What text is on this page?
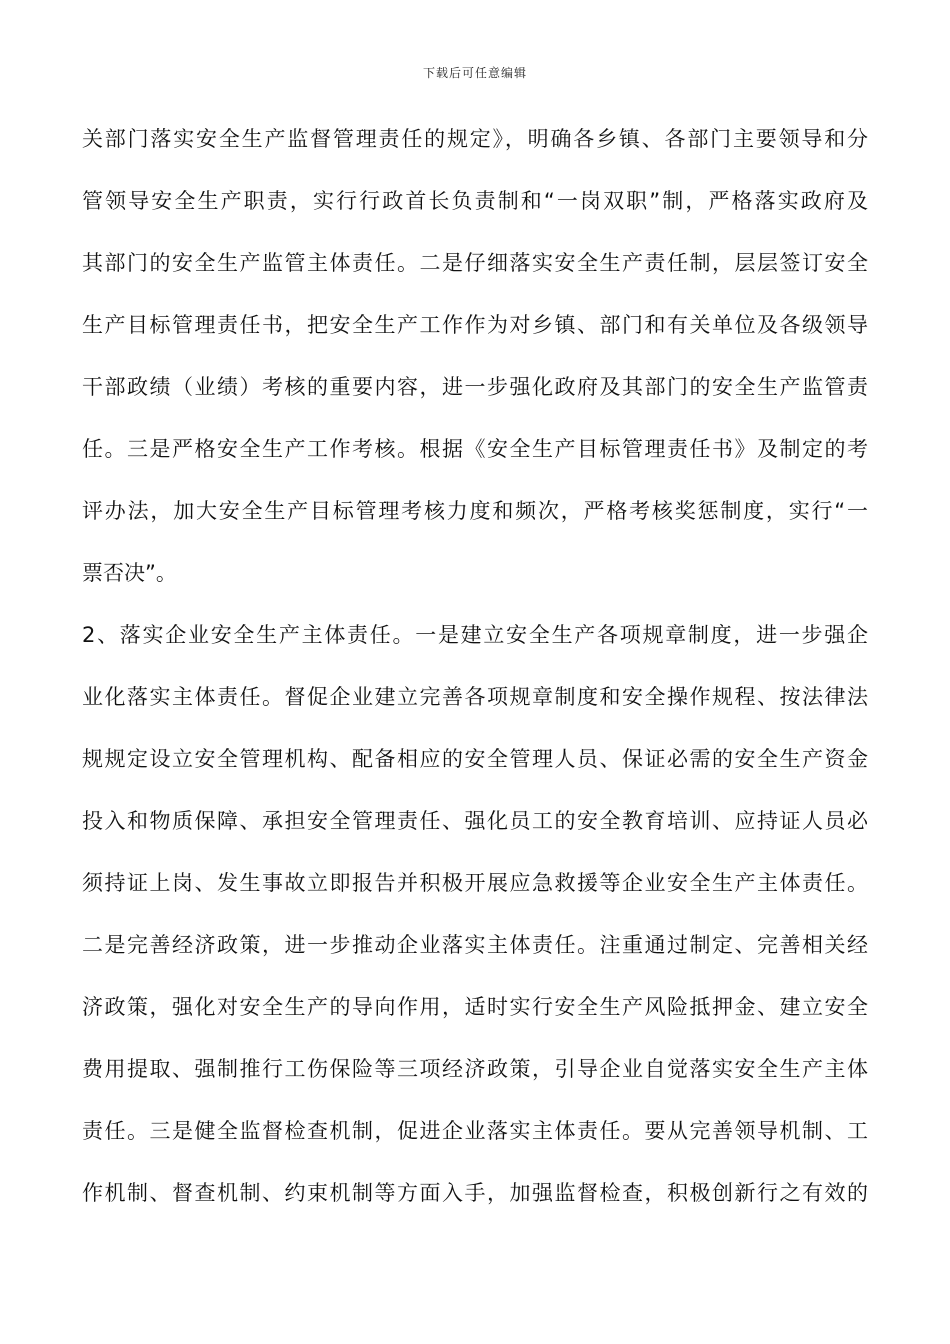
下载后可任意编辑
关部门落实安全生产监督管理责任的规定》，明确各乡镇、各部门主要领导和分
管领导安全生产职责，实行行政首长负责制和“一岗双职”制，严格落实政府及
其部门的安全生产监管主体责任。二是仔细落实安全生产责任制，层层签订安全
生产目标管理责任书，把安全生产工作作为对乡镇、部门和有关单位及各级领导
干部政绩（业绩）考核的重要内容，进一步强化政府及其部门的安全生产监管责
任。三是严格安全生产工作考核。根据《安全生产目标管理责任书》及制定的考
评办法，加大安全生产目标管理考核力度和频次，严格考核奖惩制度，实行“一
票否决”。
2、落实企业安全生产主体责任。一是建立安全生产各项规章制度，进一步强企
业化落实主体责任。督促企业建立完善各项规章制度和安全操作规程、按法律法
规规定设立安全管理机构、配备相应的安全管理人员、保证必需的安全生产资金
投入和物质保障、承担安全管理责任、强化员工的安全教育培训、应持证人员必
须持证上岗、发生事故立即报告并积极开展应急救援等企业安全生产主体责任。
二是完善经济政策，进一步推动企业落实主体责任。注重通过制定、完善相关经
济政策，强化对安全生产的导向作用，适时实行安全生产风险抵押金、建立安全
费用提取、强制推行工伤保险等三项经济政策，引导企业自觉落实安全生产主体
责任。三是健全监督检查机制，促进企业落实主体责任。要从完善领导机制、工
作机制、督查机制、约束机制等方面入手，加强监督检查，积极创新行之有效的
